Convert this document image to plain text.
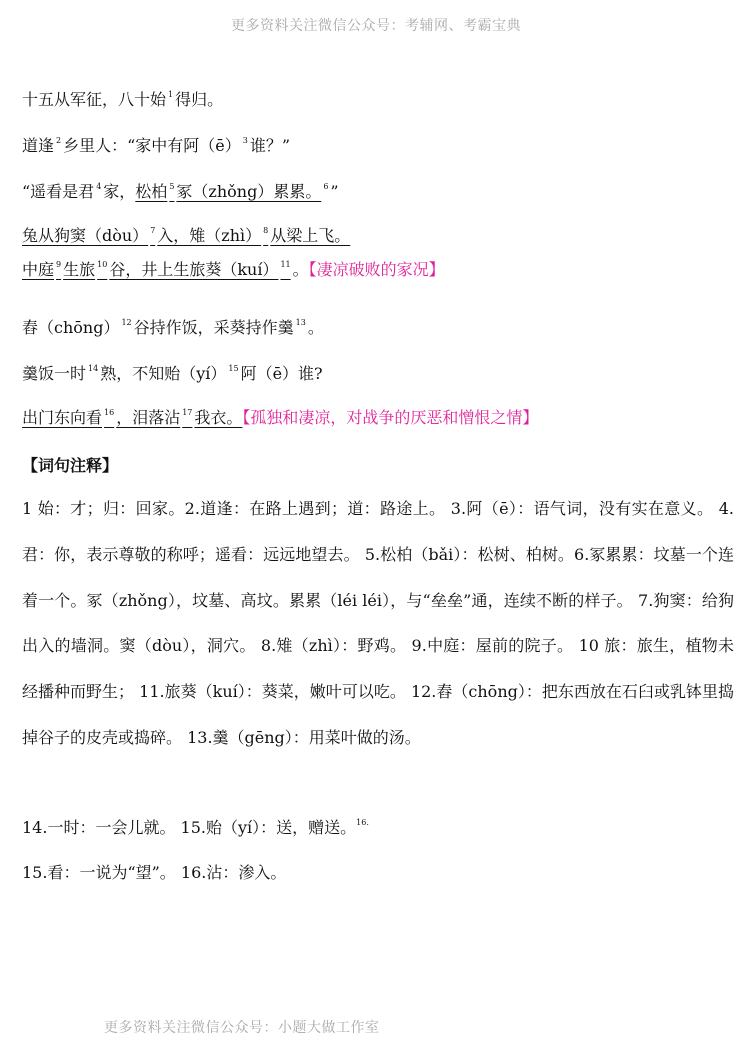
更多资料关注微信公众号：考辅网、考霸宝典
十五从军征，八十始 $^1$ 得归。
道逢 $^2$ 乡里人：“家中有阿（ē） $^3$ 谁？”
“遥看是君 $^4$ 家，松柏 $^5$ 冢（zhǒng）累累。 $^6$ ”
兔从狗窦（dòu） $^7$ 入，雉（zhì） $^8$ 从梁上飞。
中庭 $^9$ 生旅 $^{10}$ 谷，井上生旅葵（kuí） $^{11}$ 。【凄凉破败的家况】
舂（chōng） $^{12}$ 谷持作饭，采葵持作羹 $^{13}$ 。
羹饭一时 $^{14}$ 熟，不知贻（yí） $^{15}$ 阿（ē）谁?
出门东向看 $^{16}$ ，泪落沾 $^{17}$ 我衣。【孤独和凄凉，对战争的厌恶和憎恨之情】
【词句注释】
1 始：才；归：回家。2.道逢：在路上遇到；道：路途上。 3.阿（ē）：语气词，没有实在意义。 4.君：你，表示尊敬的称呼；遥看：远远地望去。 5.松柏（bǎi）：松树、柏树。6.冢累累：坟墓一个连着一个。冢（zhǒng），坟墓、高坟。累累（léi léi），与“垒垒”通，连续不断的样子。 7.狗窦：给狗出入的墙洞。窦（dòu），洞穴。 8.雉（zhì）：野鸡。 9.中庭：屋前的院子。 10 旅：旅生，植物未经播种而野生； 11.旅葵（kuí）：葵菜，嫩叶可以吃。 12.舂（chōng）：把东西放在石臼或乳钵里捣掉谷子的皮壳或捣碎。 13.羹（gēng）：用菜叶做的汤。
14.一时：一会儿就。 15.贻（yí）：送，赠送。$^{16.}$
15.看：一说为“望”。 16.沾：渗入。
更多资料关注微信公众号：小题大做工作室
